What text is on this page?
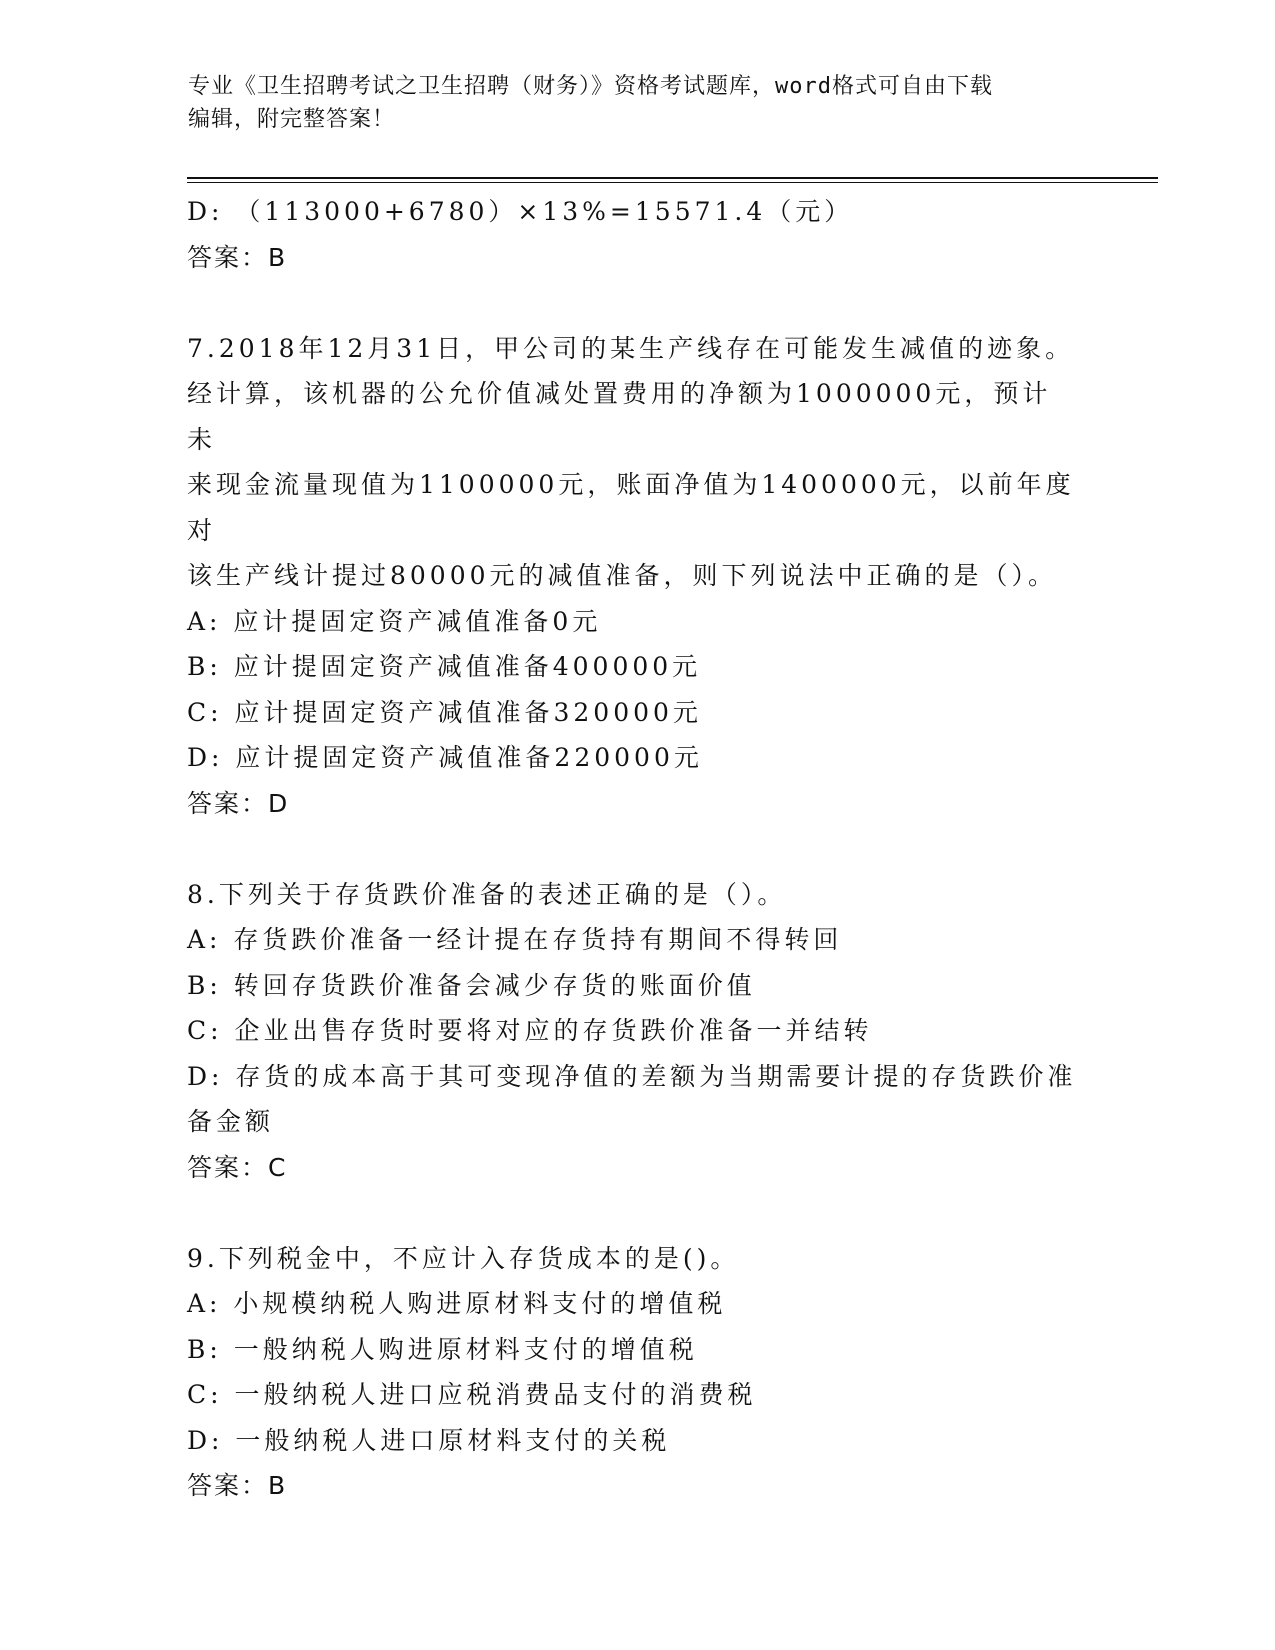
专业《卫生招聘考试之卫生招聘（财务）》资格考试题库，word格式可自由下载
编辑，附完整答案！
D: （113000+6780）×13%=15571.4（元）
答案：B
7.2018年12月31日，甲公司的某生产线存在可能发生减值的迹象。
经计算，该机器的公允价值减处置费用的净额为1000000元，预计未
来现金流量现值为1100000元，账面净值为1400000元，以前年度对
该生产线计提过80000元的减值准备，则下列说法中正确的是（）。
A: 应计提固定资产减值准备0元
B: 应计提固定资产减值准备400000元
C: 应计提固定资产减值准备320000元
D: 应计提固定资产减值准备220000元
答案：D
8.下列关于存货跌价准备的表述正确的是（）。
A: 存货跌价准备一经计提在存货持有期间不得转回
B: 转回存货跌价准备会减少存货的账面价值
C: 企业出售存货时要将对应的存货跌价准备一并结转
D: 存货的成本高于其可变现净值的差额为当期需要计提的存货跌价准
备金额
答案：C
9.下列税金中，不应计入存货成本的是()。
A: 小规模纳税人购进原材料支付的增值税
B: 一般纳税人购进原材料支付的增值税
C: 一般纳税人进口应税消费品支付的消费税
D: 一般纳税人进口原材料支付的关税
答案：B
